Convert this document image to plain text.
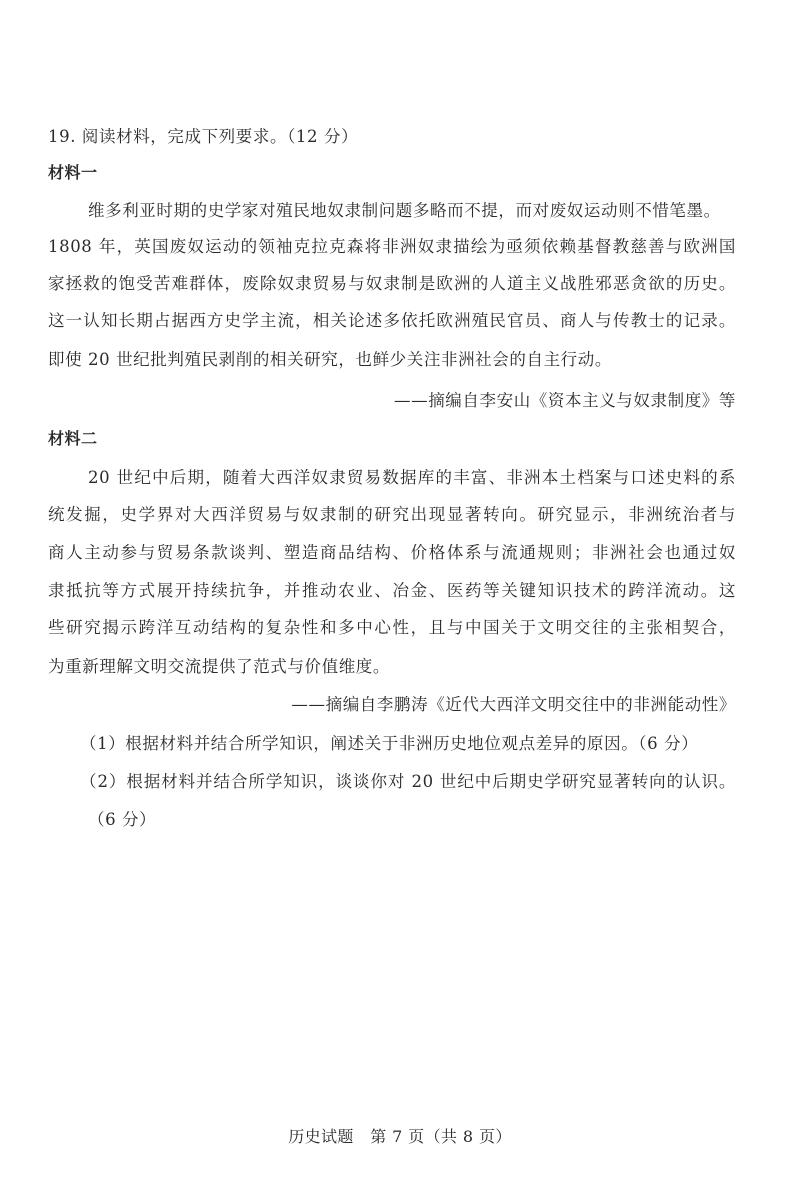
19. 阅读材料，完成下列要求。（12 分）
材料一
维多利亚时期的史学家对殖民地奴隶制问题多略而不提，而对废奴运动则不惜笔墨。
1808 年，英国废奴运动的领袖克拉克森将非洲奴隶描绘为亟须依赖基督教慈善与欧洲国
家拯救的饱受苦难群体，废除奴隶贸易与奴隶制是欧洲的人道主义战胜邪恶贪欲的历史。
这一认知长期占据西方史学主流，相关论述多依托欧洲殖民官员、商人与传教士的记录。
即使 20 世纪批判殖民剥削的相关研究，也鲜少关注非洲社会的自主行动。
——摘编自李安山《资本主义与奴隶制度》等
材料二
20 世纪中后期，随着大西洋奴隶贸易数据库的丰富、非洲本土档案与口述史料的系
统发掘，史学界对大西洋贸易与奴隶制的研究出现显著转向。研究显示，非洲统治者与
商人主动参与贸易条款谈判、塑造商品结构、价格体系与流通规则；非洲社会也通过奴
隶抵抗等方式展开持续抗争，并推动农业、冶金、医药等关键知识技术的跨洋流动。这
些研究揭示跨洋互动结构的复杂性和多中心性，且与中国关于文明交往的主张相契合，
为重新理解文明交流提供了范式与价值维度。
——摘编自李鹏涛《近代大西洋文明交往中的非洲能动性》
（1）根据材料并结合所学知识，阐述关于非洲历史地位观点差异的原因。（6 分）
（2）根据材料并结合所学知识，谈谈你对 20 世纪中后期史学研究显著转向的认识。
（6 分）
历史试题　第 7 页（共 8 页）
